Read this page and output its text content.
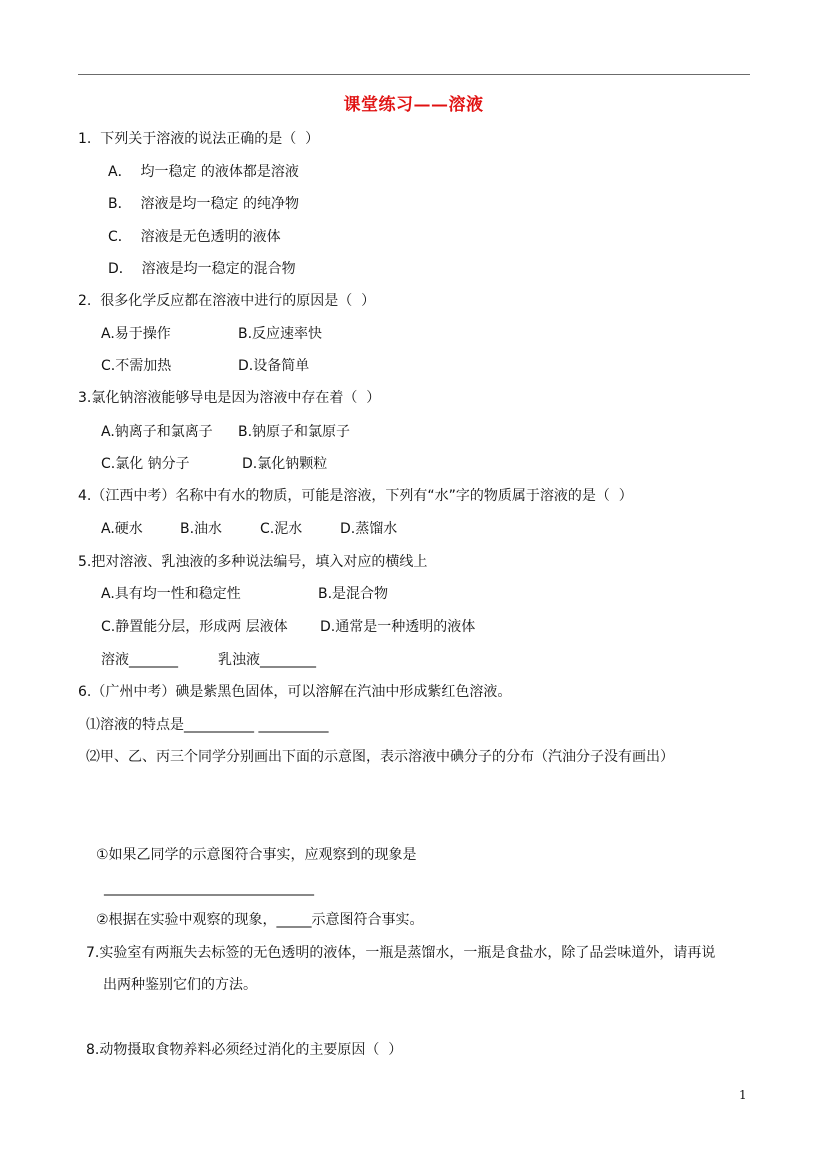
课堂练习——溶液
1.  下列关于溶液的说法正确的是（  ）
A．  均一稳定 的液体都是溶液
B．  溶液是均一稳定 的纯净物
C．  溶液是无色透明的液体
D．  溶液是均一稳定的混合物
2.  很多化学反应都在溶液中进行的原因是（  ）
A.易于操作	B.反应速率快
C.不需加热	D.设备简单
3.氯化钠溶液能够导电是因为溶液中存在着（  ）
A.钠离子和氯离子 B.钠原子和氯原子
C.氯化 钠分子	D.氯化钠颗粒
4.（江西中考）名称中有水的物质，可能是溶液，下列有“水”字的物质属于溶液的是（  ）
A.硬水	B.油水	C.泥水	D.蒸馏水
5.把对溶液、乳浊液的多种说法编号，填入对应的横线上
A.具有均一性和稳定性	B.是混合物
C.静置能分层，形成两 层液体 D.通常是一种透明的液体
溶液_______	乳浊液________
6.（广州中考）碘是紫黑色固体，可以溶解在汽油中形成紫红色溶液。
⑴溶液的特点是__________ __________
⑵甲、乙、丙三个同学分别画出下面的示意图，表示溶液中碘分子的分布（汽油分子没有画出）
①如果乙同学的示意图符合事实，应观察到的现象是
______________________________
②根据在实验中观察的现象，_____示意图符合事实。
7.实验室有两瓶失去标签的无色透明的液体，一瓶是蒸馏水，一瓶是食盐水，除了品尝味道外，请再说
出两种鉴别它们的方法。
8.动物摄取食物养料必须经过消化的主要原因（  ）
1
